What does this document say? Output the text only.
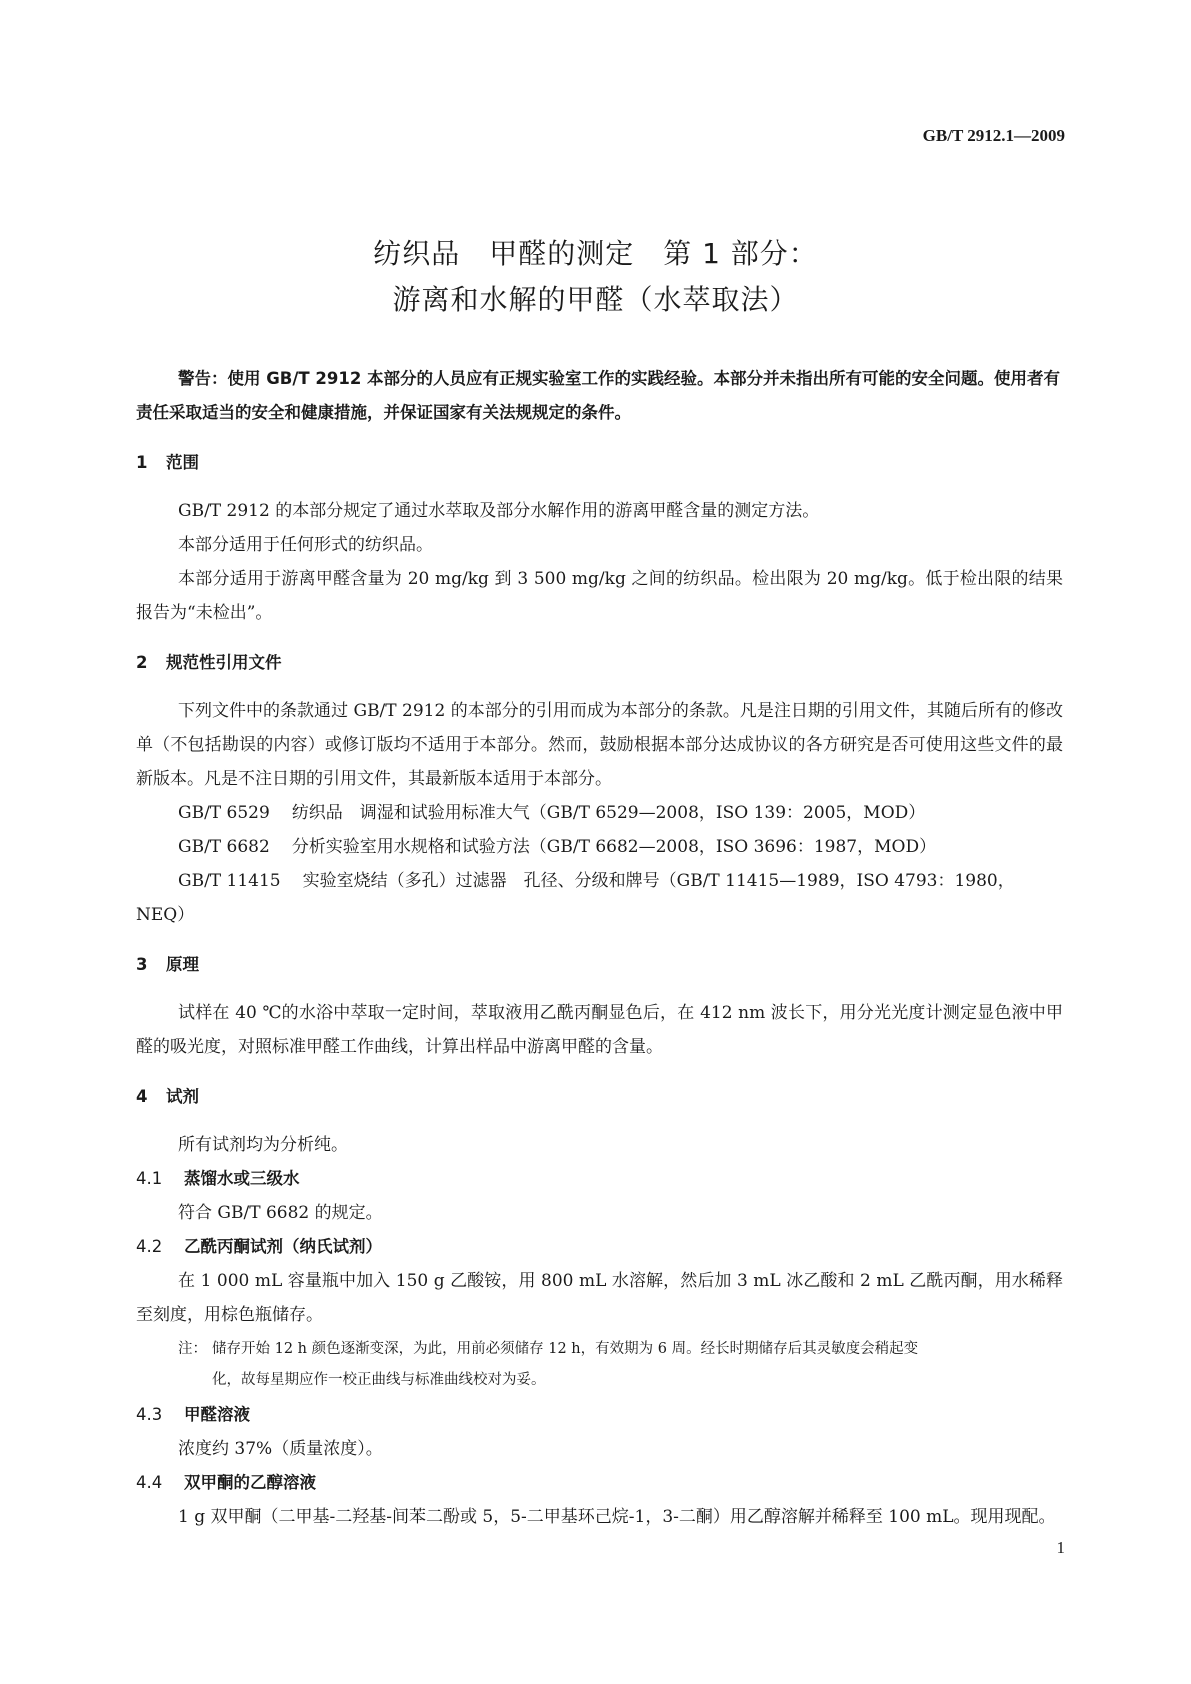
GB/T 2912.1—2009
纺织品　甲醛的测定　第 1 部分：
游离和水解的甲醛（水萃取法）

警告：使用 GB/T 2912 本部分的人员应有正规实验室工作的实践经验。本部分并未指出所有可能的安全问题。使用者有责任采取适当的安全和健康措施，并保证国家有关法规规定的条件。

1 范围

GB/T 2912 的本部分规定了通过水萃取及部分水解作用的游离甲醛含量的测定方法。

本部分适用于任何形式的纺织品。

本部分适用于游离甲醛含量为 20 mg/kg 到 3 500 mg/kg 之间的纺织品。检出限为 20 mg/kg。低于检出限的结果报告为“未检出”。

2 规范性引用文件

下列文件中的条款通过 GB/T 2912 的本部分的引用而成为本部分的条款。凡是注日期的引用文件，其随后所有的修改单（不包括勘误的内容）或修订版均不适用于本部分。然而，鼓励根据本部分达成协议的各方研究是否可使用这些文件的最新版本。凡是不注日期的引用文件，其最新版本适用于本部分。

GB/T 6529 纺织品　调湿和试验用标准大气（GB/T 6529—2008，ISO 139：2005，MOD）

GB/T 6682 分析实验室用水规格和试验方法（GB/T 6682—2008，ISO 3696：1987，MOD）

GB/T 11415 实验室烧结（多孔）过滤器　孔径、分级和牌号（GB/T 11415—1989，ISO 4793：1980，NEQ）

3 原理

试样在 40 ℃的水浴中萃取一定时间，萃取液用乙酰丙酮显色后，在 412 nm 波长下，用分光光度计测定显色液中甲醛的吸光度，对照标准甲醛工作曲线，计算出样品中游离甲醛的含量。

4 试剂

所有试剂均为分析纯。

4.1 蒸馏水或三级水

符合 GB/T 6682 的规定。

4.2 乙酰丙酮试剂（纳氏试剂）

在 1 000 mL 容量瓶中加入 150 g 乙酸铵，用 800 mL 水溶解，然后加 3 mL 冰乙酸和 2 mL 乙酰丙酮，用水稀释至刻度，用棕色瓶储存。

注： 储存开始 12 h 颜色逐渐变深，为此，用前必须储存 12 h，有效期为 6 周。经长时期储存后其灵敏度会稍起变
化，故每星期应作一校正曲线与标准曲线校对为妥。
4.3 甲醛溶液

浓度约 37%（质量浓度）。

4.4 双甲酮的乙醇溶液

1 g 双甲酮（二甲基-二羟基-间苯二酚或 5，5-二甲基环己烷-1，3-二酮）用乙醇溶解并稀释至 100 mL。现用现配。

1
